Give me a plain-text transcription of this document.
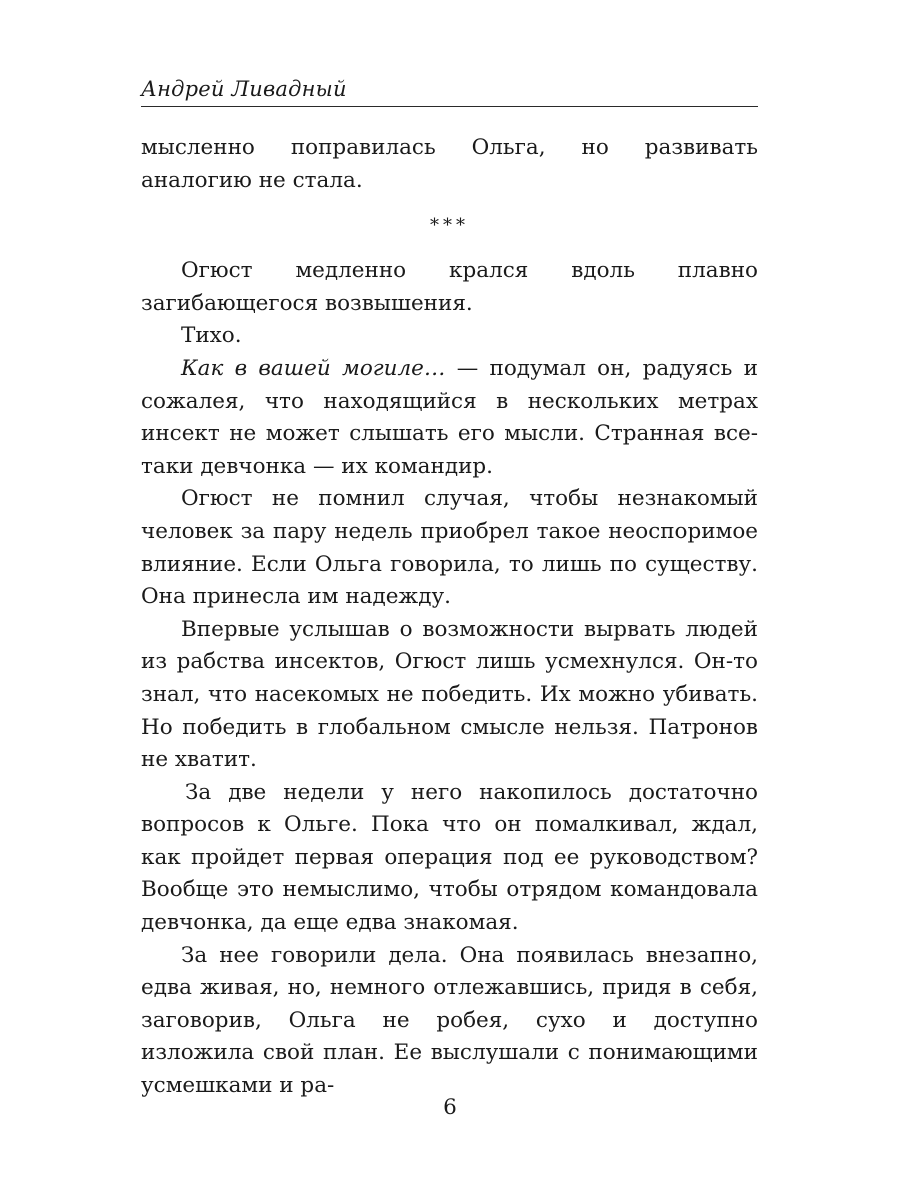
Андрей Ливадный

мысленно поправилась Ольга, но развивать аналогию не стала.

***

Огюст медленно крался вдоль плавно загибающегося возвышения.

Тихо.

Как в вашей могиле… — подумал он, радуясь и сожалея, что находящийся в нескольких метрах инсект не может слышать его мысли. Странная все-таки девчонка — их командир.

Огюст не помнил случая, чтобы незнакомый человек за пару недель приобрел такое неоспоримое влияние. Если Ольга говорила, то лишь по существу. Она принесла им надежду.

Впервые услышав о возможности вырвать людей из рабства инсектов, Огюст лишь усмехнулся. Он-то знал, что насекомых не победить. Их можно убивать. Но победить в глобальном смысле нельзя. Патронов не хватит.

За две недели у него накопилось достаточно вопросов к Ольге. Пока что он помалкивал, ждал, как пройдет первая операция под ее руководством? Вообще это немыслимо, чтобы отрядом командовала девчонка, да еще едва знакомая.

За нее говорили дела. Она появилась внезапно, едва живая, но, немного отлежавшись, придя в себя, заговорив, Ольга не робея, сухо и доступно изложила свой план. Ее выслушали с понимающими усмешками и ра-

6
